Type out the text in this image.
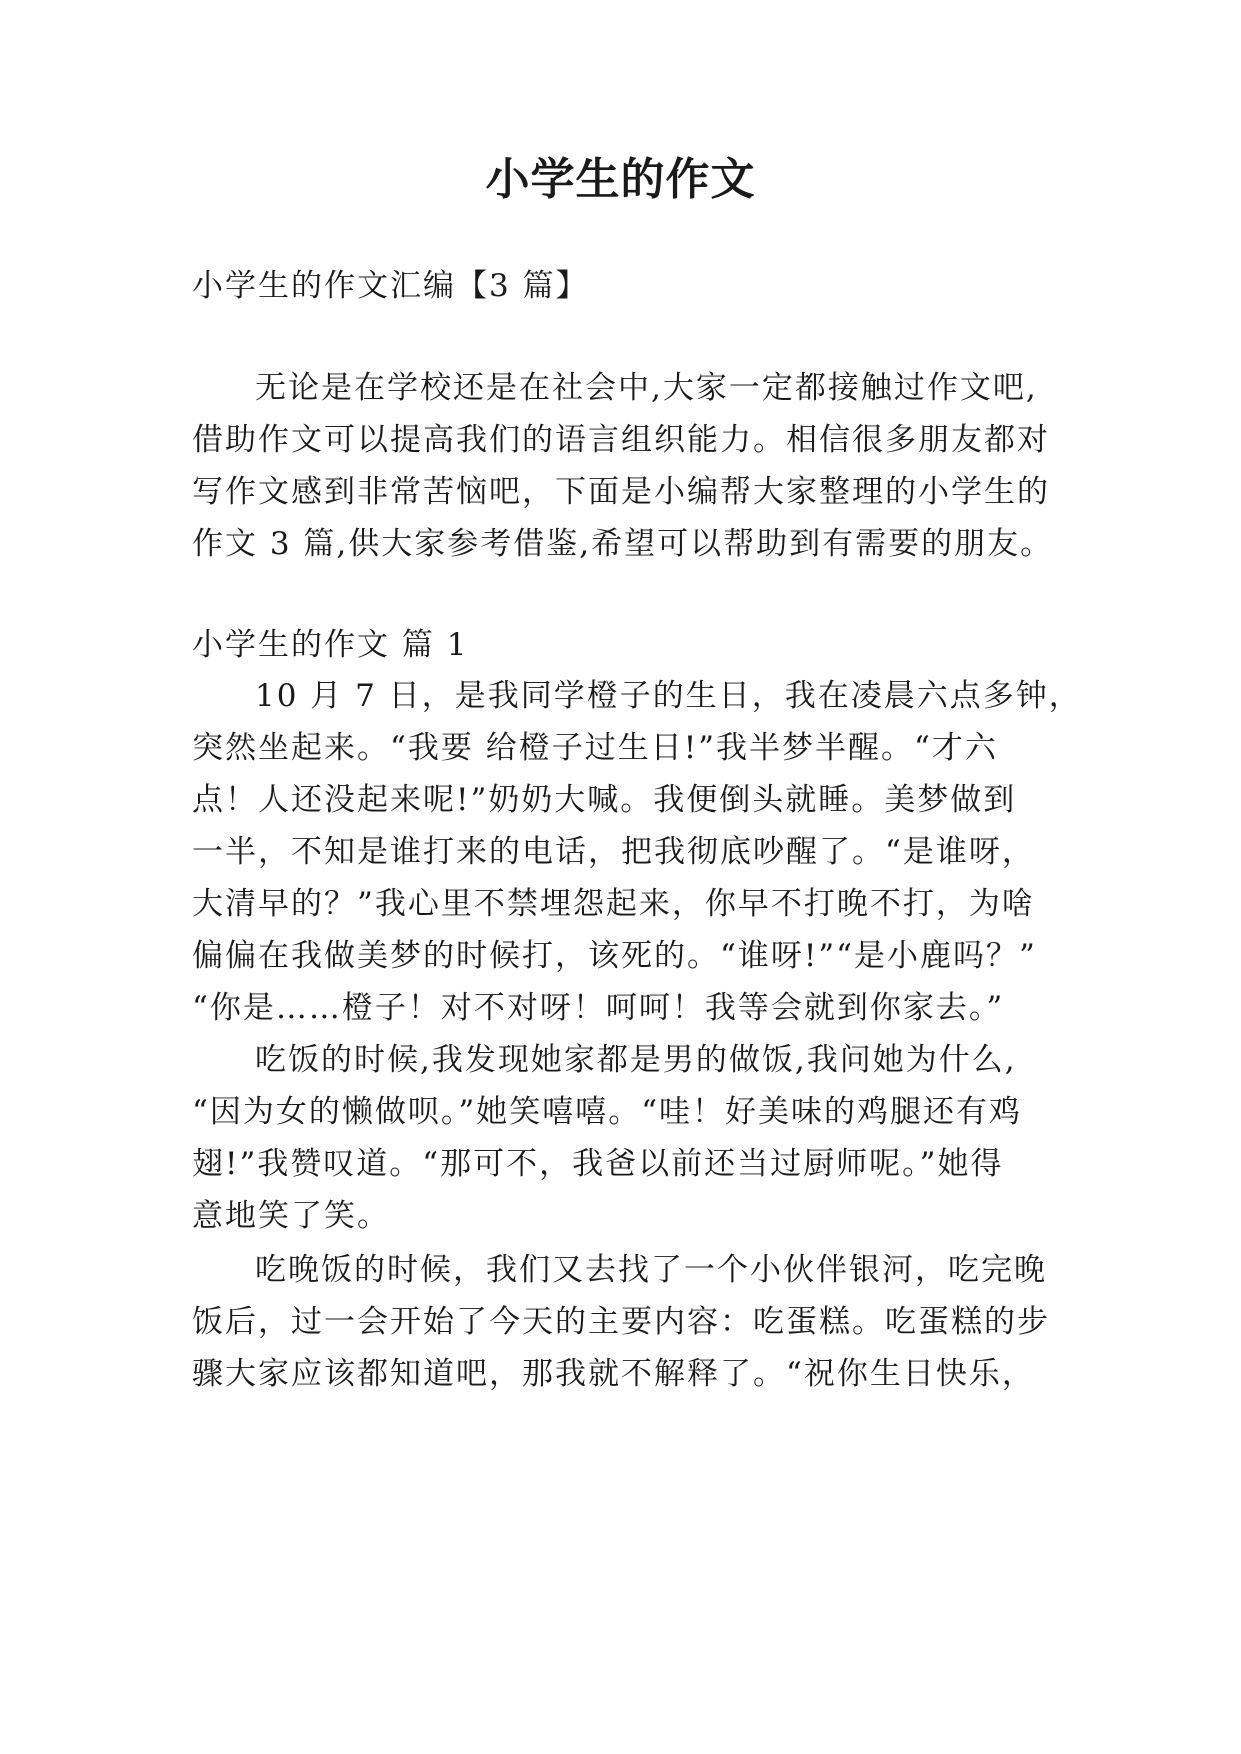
小学生的作文
小学生的作文汇编【3 篇】
无论是在学校还是在社会中,大家一定都接触过作文吧,
借助作文可以提高我们的语言组织能力。相信很多朋友都对
写作文感到非常苦恼吧，下面是小编帮大家整理的小学生的
作文 3 篇,供大家参考借鉴,希望可以帮助到有需要的朋友。
小学生的作文 篇 1
10 月 7 日，是我同学橙子的生日，我在凌晨六点多钟，
突然坐起来。“我要 给橙子过生日!”我半梦半醒。“才六
点！人还没起来呢!”奶奶大喊。我便倒头就睡。美梦做到
一半，不知是谁打来的电话，把我彻底吵醒了。“是谁呀，
大清早的？”我心里不禁埋怨起来，你早不打晚不打，为啥
偏偏在我做美梦的时候打，该死的。“谁呀!”“是小鹿吗？”
“你是……橙子！对不对呀！呵呵！我等会就到你家去。”
吃饭的时候,我发现她家都是男的做饭,我问她为什么,
“因为女的懒做呗。”她笑嘻嘻。“哇！好美味的鸡腿还有鸡
翅!”我赞叹道。“那可不，我爸以前还当过厨师呢。”她得
意地笑了笑。
吃晚饭的时候，我们又去找了一个小伙伴银河，吃完晚
饭后，过一会开始了今天的主要内容：吃蛋糕。吃蛋糕的步
骤大家应该都知道吧，那我就不解释了。“祝你生日快乐，
